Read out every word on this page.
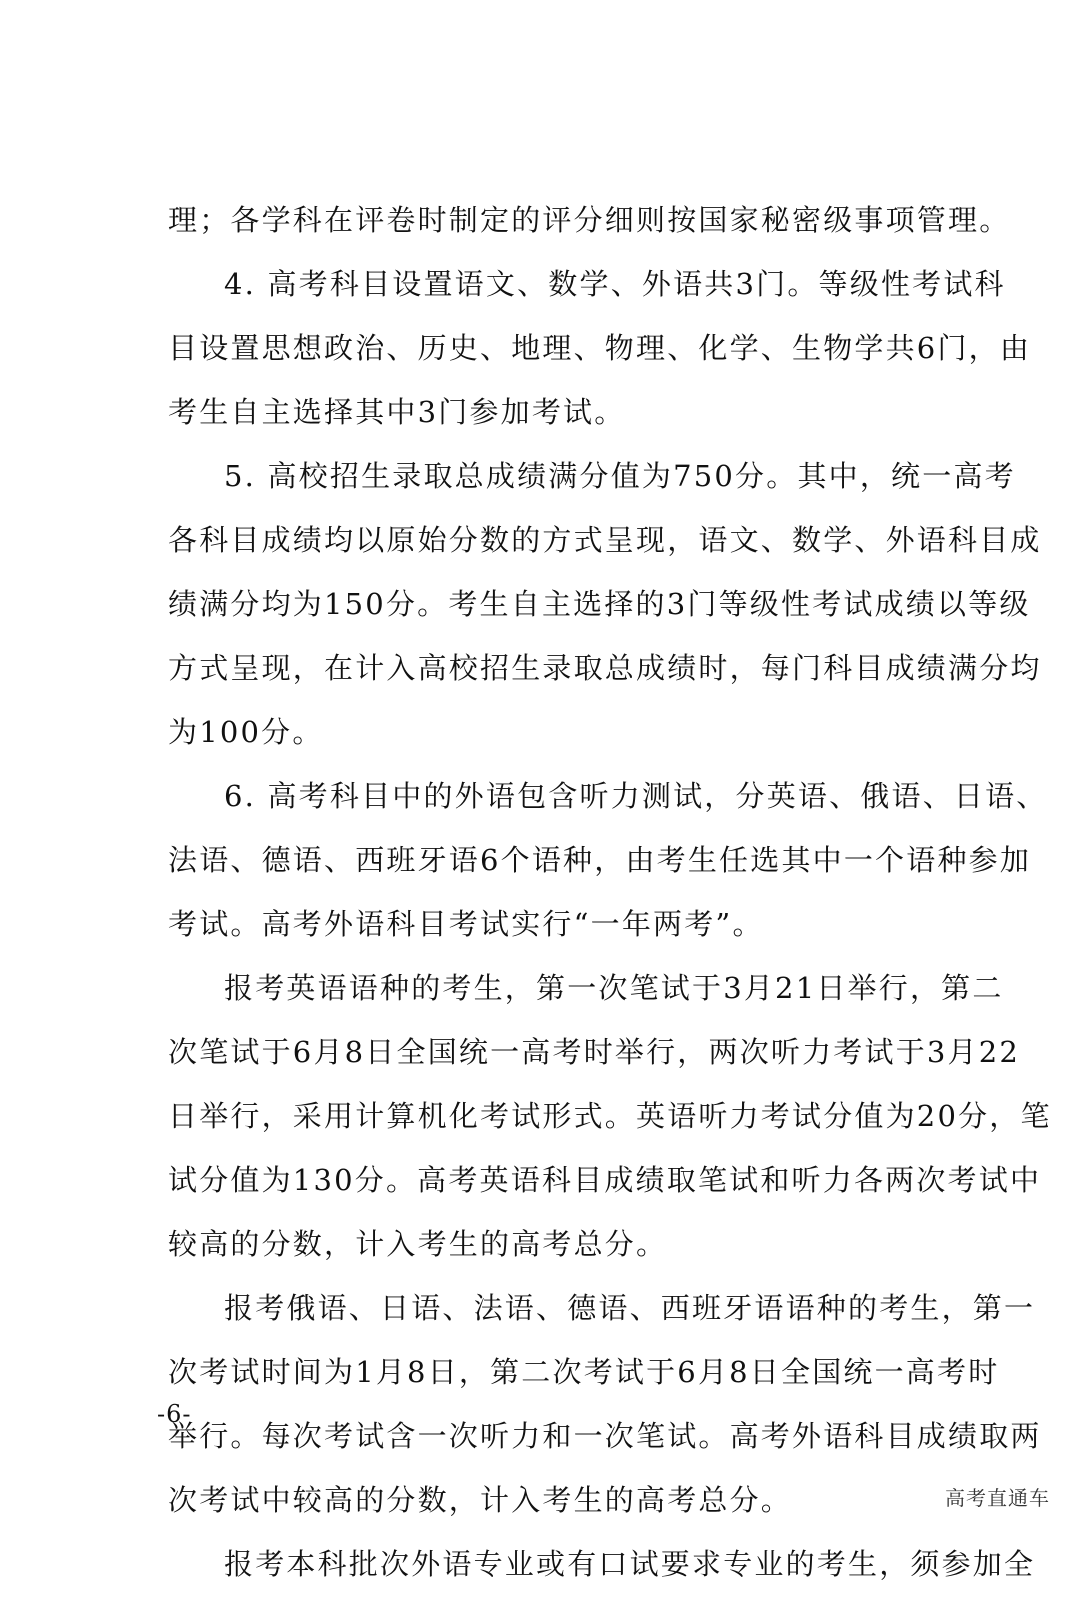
理；各学科在评卷时制定的评分细则按国家秘密级事项管理。
4. 高考科目设置语文、数学、外语共3门。等级性考试科
目设置思想政治、历史、地理、物理、化学、生物学共6门，由
考生自主选择其中3门参加考试。
5. 高校招生录取总成绩满分值为750分。其中，统一高考
各科目成绩均以原始分数的方式呈现，语文、数学、外语科目成
绩满分均为150分。考生自主选择的3门等级性考试成绩以等级
方式呈现，在计入高校招生录取总成绩时，每门科目成绩满分均
为100分。
6. 高考科目中的外语包含听力测试，分英语、俄语、日语、
法语、德语、西班牙语6个语种，由考生任选其中一个语种参加
考试。高考外语科目考试实行“一年两考”。
报考英语语种的考生，第一次笔试于3月21日举行，第二
次笔试于6月8日全国统一高考时举行，两次听力考试于3月22
日举行，采用计算机化考试形式。英语听力考试分值为20分，笔
试分值为130分。高考英语科目成绩取笔试和听力各两次考试中
较高的分数，计入考生的高考总分。
报考俄语、日语、法语、德语、西班牙语语种的考生，第一
次考试时间为1月8日，第二次考试于6月8日全国统一高考时
举行。每次考试含一次听力和一次笔试。高考外语科目成绩取两
次考试中较高的分数，计入考生的高考总分。
报考本科批次外语专业或有口试要求专业的考生，须参加全
-6-
高考直通车
